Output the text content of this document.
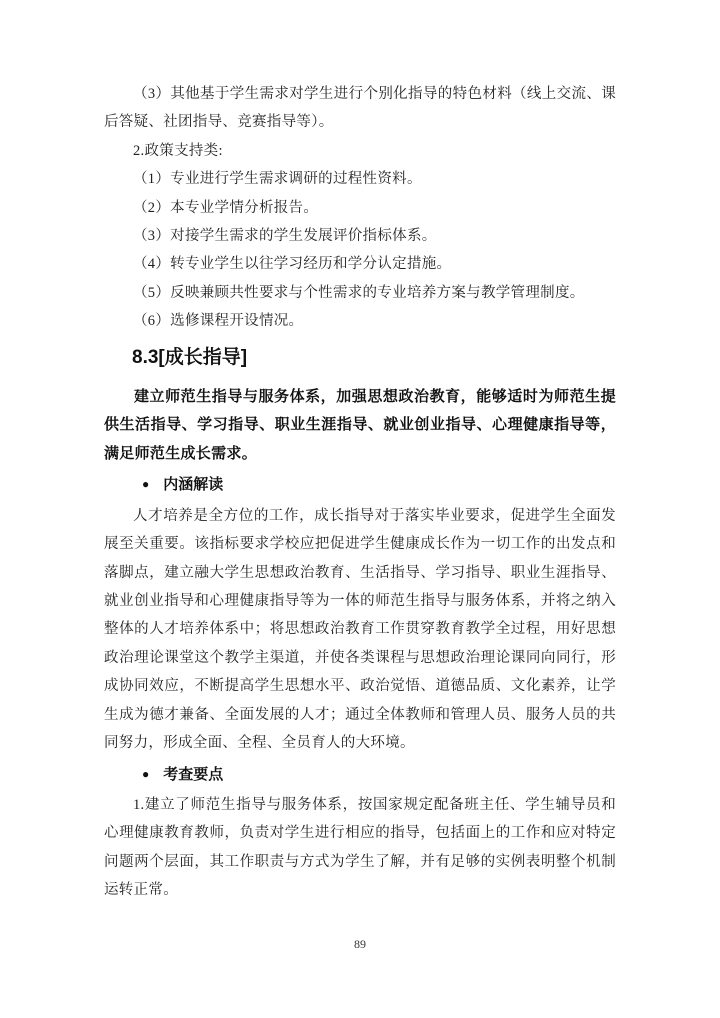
（3）其他基于学生需求对学生进行个别化指导的特色材料（线上交流、课后答疑、社团指导、竞赛指导等）。

2.政策支持类:

（1）专业进行学生需求调研的过程性资料。

（2）本专业学情分析报告。

（3）对接学生需求的学生发展评价指标体系。

（4）转专业学生以往学习经历和学分认定措施。

（5）反映兼顾共性要求与个性需求的专业培养方案与教学管理制度。

（6）选修课程开设情况。

8.3[成长指导]

建立师范生指导与服务体系，加强思想政治教育，能够适时为师范生提供生活指导、学习指导、职业生涯指导、就业创业指导、心理健康指导等，满足师范生成长需求。

● 内涵解读

人才培养是全方位的工作，成长指导对于落实毕业要求，促进学生全面发展至关重要。该指标要求学校应把促进学生健康成长作为一切工作的出发点和落脚点，建立融大学生思想政治教育、生活指导、学习指导、职业生涯指导、就业创业指导和心理健康指导等为一体的师范生指导与服务体系，并将之纳入整体的人才培养体系中；将思想政治教育工作贯穿教育教学全过程，用好思想政治理论课堂这个教学主渠道，并使各类课程与思想政治理论课同向同行，形成协同效应，不断提高学生思想水平、政治觉悟、道德品质、文化素养，让学生成为德才兼备、全面发展的人才；通过全体教师和管理人员、服务人员的共同努力，形成全面、全程、全员育人的大环境。

● 考查要点

1.建立了师范生指导与服务体系，按国家规定配备班主任、学生辅导员和心理健康教育教师，负责对学生进行相应的指导，包括面上的工作和应对特定问题两个层面，其工作职责与方式为学生了解，并有足够的实例表明整个机制运转正常。

89
